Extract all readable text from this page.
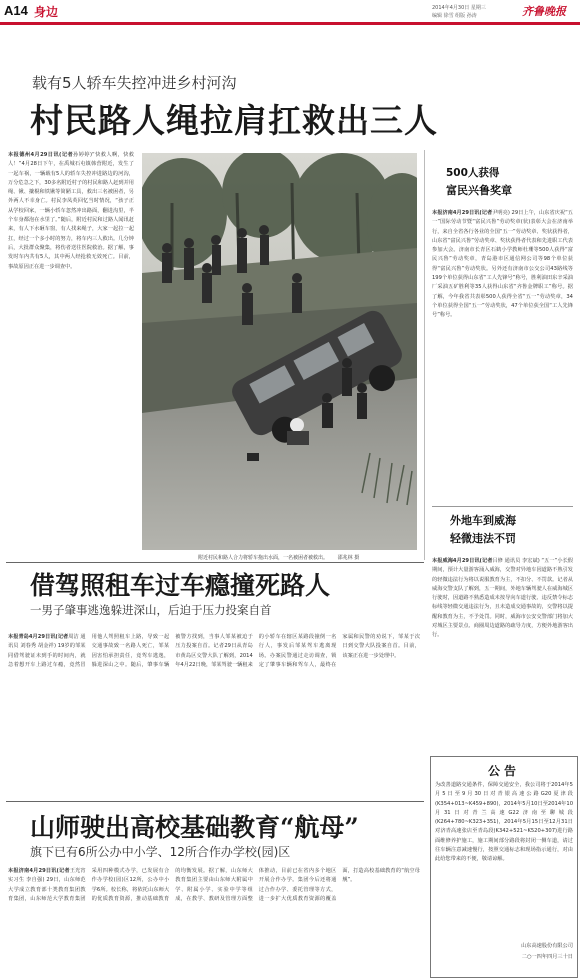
A14 身边	2014年4月30日 星期三
编辑 徐雪 组版 孙涛	齐鲁晚报
载有5人轿车失控冲进乡村河沟
村民路人绳拉肩扛救出三人
本报德州4月29日讯(记者孙婷婷)“快救人啊，快救人！”4月28日下午，在禹城石屯镇韩营附近，发生了一起车祸，一辆载有5人的轿车失控冲进路边的河沟，万分危急之下，30多名附近村子的村民和路人赶到并用绳、锹、撬棍和铁锹等简陋工具，救出三名被困者，另外两人不幸身亡。村民李凤英回忆当时情况，“孩子正从学校回家，一辆小轿车忽然冲出路面，翻进沟里，半个车身都泡在水里了。”随后，附近村民和过路人闻讯赶来，有人下水砸车窗，有人找来绳子，大家一起拉一起扛，经过一个多小时的努力，将车内三人救出。几分钟后，大批群众聚集，将伤者送往医院救治。据了解，事发时车内共有5人，其中两人经抢救无效死亡。目前，事故原因正在进一步调查中。
附近村民和路人合力将轿车拖出水面，一名被困者被救出。 邵兆林 摄
500人获得
富民兴鲁奖章
本报济南4月29日讯(记者尹明亮) 29日上午，山东省庆祝“五一”国际劳动节暨“富民兴鲁”劳动奖章(状)表彰大会在济南举行，来自全省各行各业的全国“五一”劳动奖章、奖状获得者，山东省“富民兴鲁”劳动奖章、奖状获得者代表和先进职工代表参加大会。济南市长青区石鹤小学教师杜珊等500人获得“富民兴鲁”劳动奖章，青岛港市区通信网公司等98个单位获得“富民兴鲁”劳动奖状。另外还有济南市公交公司43路线等199个单位获得山东省“工人先锋号”称号，胜利油田东辛采油厂采油五矿胜利等35人获得山东省“齐鲁金牌职工”称号。据了解，今年我省共表彰500人获得全省“五一”劳动奖章，34个单位获得全国“五一”劳动奖状，47个单位获全国“工人先锋号”称号。
外地车到威海
轻微违法不罚
本报威海4月29日讯(记者吕修 通讯员 李宏斌) “五一”小长假期间，预计大量游客涌入威海，交警对异地车因道路不熟引发的轻微违法行为将以说服教育为主，不扣分、不罚款。记者从威海交警支队了解到，五一期间，外地车辆驾驶人在威海城区行驶时，因道路不熟悉造成未按导向车道行驶、违反禁令标志标线等轻微交通违法行为，且未造成交通事故的，交警将以提醒和教育为主，不予处罚。同时，威海市公安交警部门将加大对城区主要景点、商圈周边道路的疏导力度，方便外地游客出行。
公告
为改善道路交通条件，保障交通安全，我公司将于2014年5月5日至9月30日对青银高速公路G20夏津段(K354+013~K459+890)，2014年5月10日至2014年10月31日对青兰高速G22济南至聊城段(K264+780~K323+351)，2014年5月15日至12月31日对济青高速张店至青岛段(K342+521~K520+307)进行路面维修养护施工，施工期间部分路段将封闭一侧车道，请过往车辆注意减速慢行，按照交通标志和现场指示通行，对由此给您带来的不便，敬请谅解。
山东高速股份有限公司
二○一四年四月三十日
借驾照租车过车瘾撞死路人
一男子肇事逃逸躲进深山，后迫于压力投案自首
本报青岛4月29日讯(记者周洁 通讯员 刘春秀 胡金祥) 19岁的邹某同借驾驶证未到手的时间内，就急着想开车上路过车瘾，竟然冒用他人驾照租车上路，导致一起交通事故致一名路人死亡，邹某因害怕承担责任，竟驾车逃逸，躲进深山之中。随后，肇事车辆被警方找到，当事人邹某被迫于压力投案自首。记者29日从青岛市黄岛区交警大队了解到，2014年4月22日晚，邹某驾驶一辆租来的小轿车在辖区某路段撞倒一名行人，事发后邹某驾车逃离现场。办案民警通过走访调查，锁定了肇事车辆和驾车人，最终在家属和民警的劝说下，邹某于次日到交警大队投案自首。目前，该案正在进一步处理中。
山师驶出高校基础教育“航母”
旗下已有6所公办中小学、12所合作办学校(园)区
本报济南4月29日讯(记者王光宵 实习生 李自强) 29日，山东师范大学成立教育部十类教育集团教育集团，山东师范大学教育集团采用四种模式办学，已发展有合作办学校(园)区12所，公办中小学6所。校长称，将依托山东师大的优质教育资源，推动基础教育的均衡发展。据了解，山东师大教育集团主要由山东师大附属中学、附属小学、实验中学等组成，在教学、教研及管理方面整体推动，目前已在省内多个地区开展合作办学。集团今后还将通过合作办学、委托管理等方式，进一步扩大优质教育资源的覆盖面，打造高校基础教育的“航空母舰”。
